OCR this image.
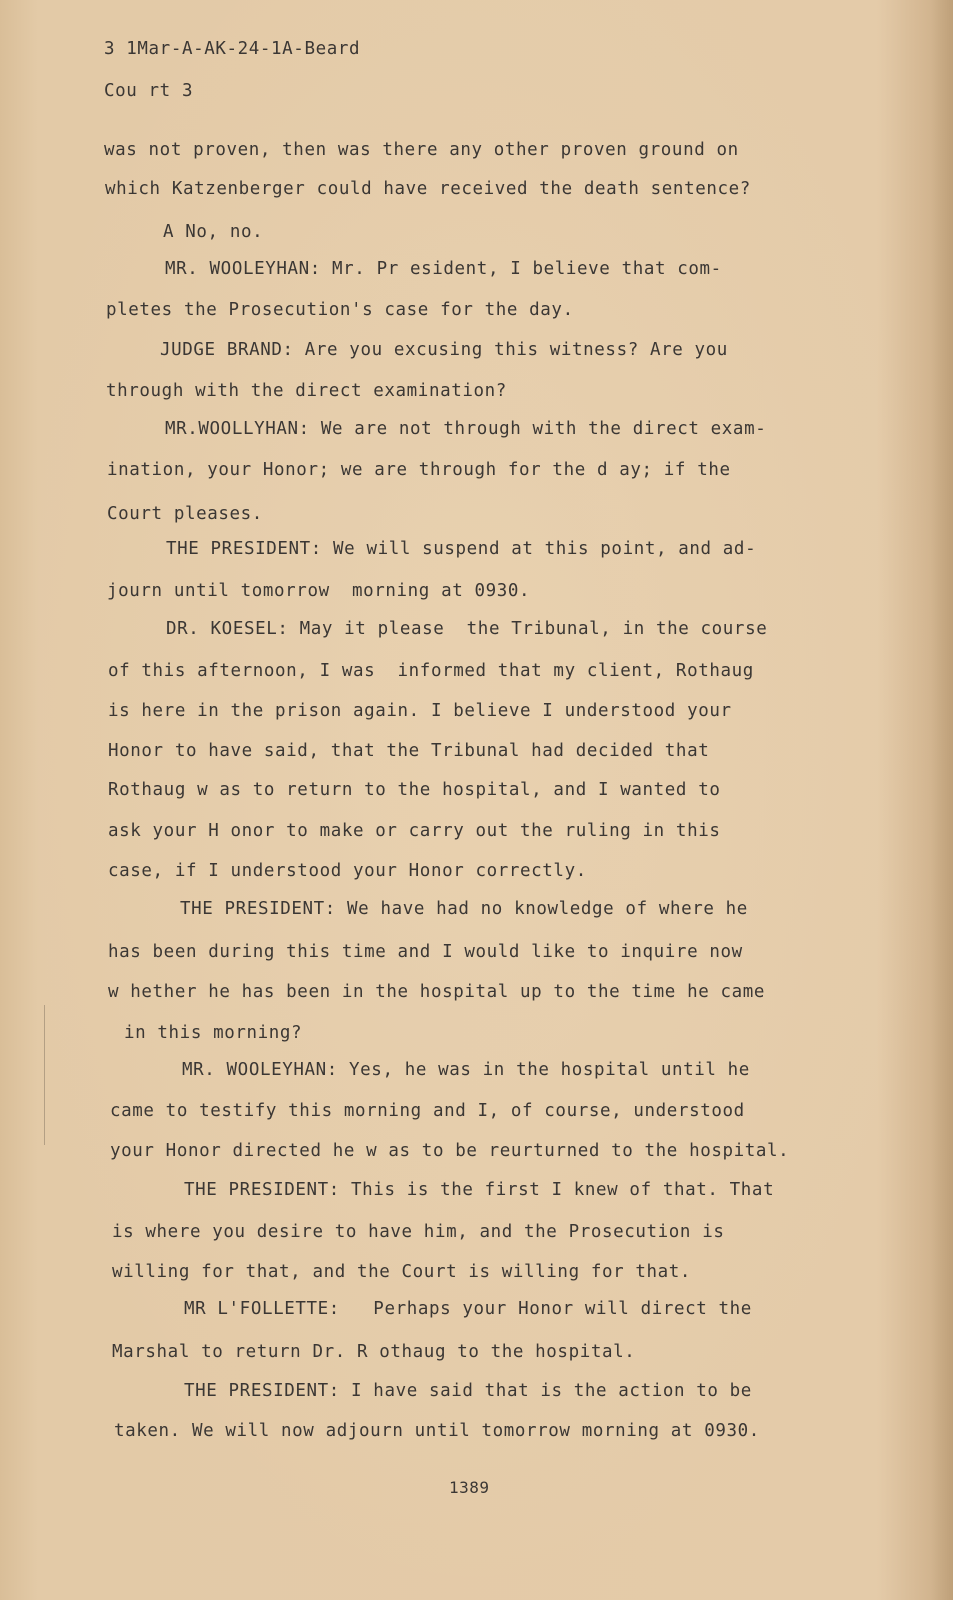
3 1Mar-A-AK-24-1A-Beard
Cou rt 3
was not proven, then was there any other proven ground on
which Katzenberger could have received the death sentence?
A No, no.
MR. WOOLEYHAN: Mr. Pr esident, I believe that com-
pletes the Prosecution's case for the day.
JUDGE BRAND: Are you excusing this witness? Are you
through with the direct examination?
MR.WOOLLYHAN: We are not through with the direct exam-
ination, your Honor; we are through for the d ay; if the
Court pleases.
THE PRESIDENT: We will suspend at this point, and ad-
journ until tomorrow  morning at 0930.
DR. KOESEL: May it please  the Tribunal, in the course
of this afternoon, I was  informed that my client, Rothaug
is here in the prison again. I believe I understood your
Honor to have said, that the Tribunal had decided that
Rothaug w as to return to the hospital, and I wanted to
ask your H onor to make or carry out the ruling in this
case, if I understood your Honor correctly.
THE PRESIDENT: We have had no knowledge of where he
has been during this time and I would like to inquire now
w hether he has been in the hospital up to the time he came
in this morning?
MR. WOOLEYHAN: Yes, he was in the hospital until he
came to testify this morning and I, of course, understood
your Honor directed he w as to be reurturned to the hospital.
THE PRESIDENT: This is the first I knew of that. That
is where you desire to have him, and the Prosecution is
willing for that, and the Court is willing for that.
MR L'FOLLETTE:   Perhaps your Honor will direct the
Marshal to return Dr. R othaug to the hospital.
THE PRESIDENT: I have said that is the action to be
taken. We will now adjourn until tomorrow morning at 0930.
1389
